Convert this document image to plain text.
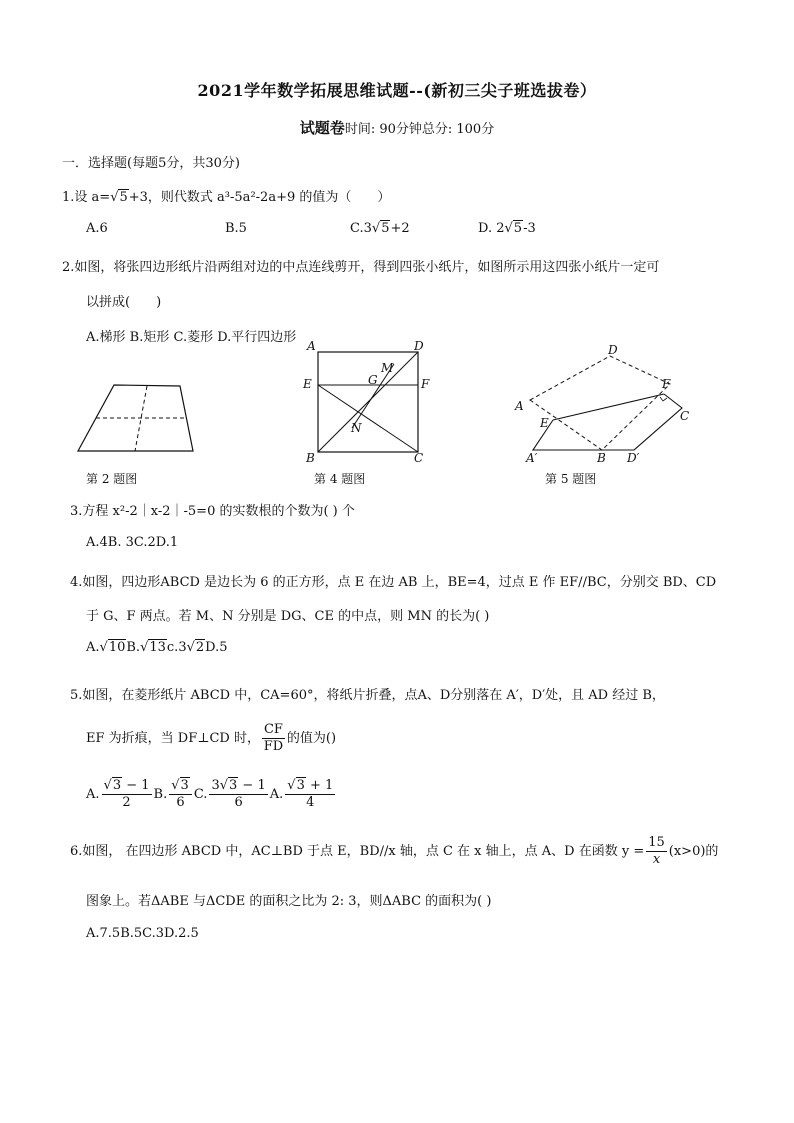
2021学年数学拓展思维试题--(新初三尖子班选拔卷）
试题卷时间: 90分钟总分: 100分
一．选择题(每题5分，共30分)
1.设 a=√5+3，则代数式 a³-5a²-2a+9 的值为（　　）
A.6	B.5	C.3√5+2	D. 2√5-3
2.如图，将张四边形纸片沿两组对边的中点连线剪开，得到四张小纸片，如图所示用这四张小纸片一定可
以拼成(　　)
A.梯形 B.矩形 C.菱形 D.平行四边形
第 2 题图
A	D
E	F
G
M
N
B	C
第 4 题图
D
A
E
F
C
A′	B D′
第 5 题图
3.方程 x²-2｜x-2｜-5=0 的实数根的个数为( ) 个
A.4B. 3C.2D.1
4.如图，四边形ABCD 是边长为 6 的正方形，点 E 在边 AB 上，BE=4，过点 E 作 EF//BC，分别交 BD、CD
于 G、F 两点。若 M、N 分别是 DG、CE 的中点，则 MN 的长为( )
A.√10B.√13c.3√2D.5
5.如图，在菱形纸片 ABCD 中，CA=60°，将纸片折叠，点A、D分别落在 A′，D′处，且 AD 经过 B，
EF 为折痕，当 DF⊥CD 时， $\frac{CF}{FD}$ 的值为()
A. $\frac{√3 - 1}{2} B$. $\frac{√3}{6} C$. $\frac{3√3 - 1}{6} A$. $\frac{√3 + 1}{4}$
6.如图， 在四边形 ABCD 中，AC⊥BD 于点 E，BD//x 轴，点 C 在 x 轴上，点 A、D 在函数 $y = \frac{15}{x} (x>0)$的
图象上。若ΔABE 与ΔCDE 的面积之比为 2: 3，则ΔABC 的面积为( )
A.7.5B.5C.3D.2.5
